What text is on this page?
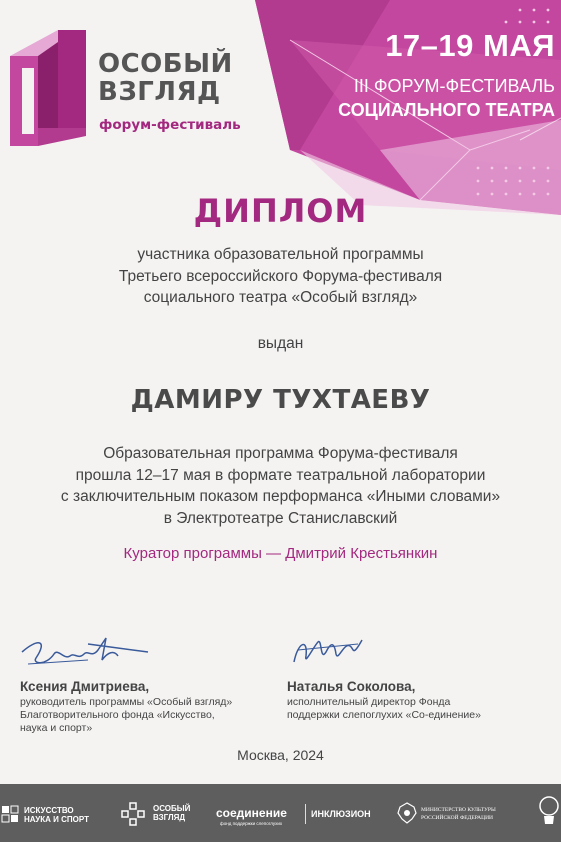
ОСОБЫЙ
ВЗГЛЯД
форум-фестиваль
17–19 МАЯ
III ФОРУМ-ФЕСТИВАЛЬ
СОЦИАЛЬНОГО ТЕАТРА
ДИПЛОМ
участника образовательной программы
Третьего всероссийского Форума-фестиваля
социального театра «Особый взгляд»
выдан
ДАМИРУ ТУХТАЕВУ
Образовательная программа Форума-фестиваля
прошла 12–17 мая в формате театральной лаборатории
с заключительным показом перформанса «Иными словами»
в Электротеатре Станиславский
Куратор программы — Дмитрий Крестьянкин
Ксения Дмитриева,
руководитель программы «Особый взгляд»
Благотворительного фонда «Искусство,
наука и спорт»
Наталья Соколова,
исполнительный директор Фонда
поддержки слепоглухих «Со-единение»
Москва, 2024
ИСКУССТВО
НАУКА И СПОРТ
ОСОБЫЙ
ВЗГЛЯД	соединение
фонд поддержки слепоглухих
ИНКЛЮЗИОН	МИНИСТЕРСТВО КУЛЬТУРЫ
РОССИЙСКОЙ ФЕДЕРАЦИИ
